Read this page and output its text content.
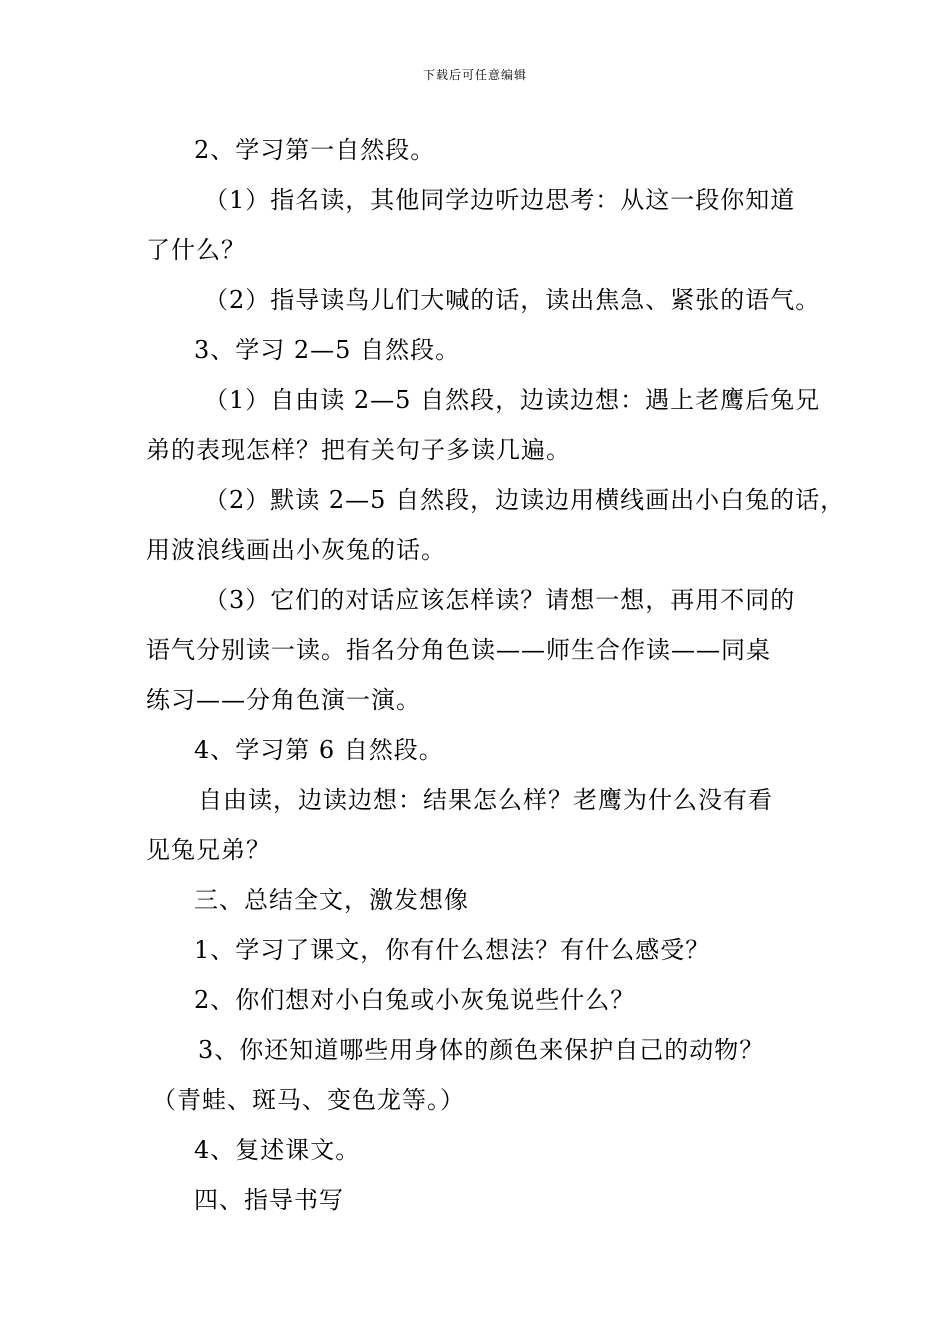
下载后可任意编辑
2、学习第一自然段。
（1）指名读，其他同学边听边思考：从这一段你知道
了什么？
（2）指导读鸟儿们大喊的话，读出焦急、紧张的语气。
3、学习 2—5 自然段。
（1）自由读 2—5 自然段，边读边想：遇上老鹰后兔兄
弟的表现怎样？把有关句子多读几遍。
（2）默读 2—5 自然段，边读边用横线画出小白兔的话，
用波浪线画出小灰兔的话。
（3）它们的对话应该怎样读？请想一想，再用不同的
语气分别读一读。指名分角色读——师生合作读——同桌
练习——分角色演一演。
4、学习第 6 自然段。
自由读，边读边想：结果怎么样？老鹰为什么没有看
见兔兄弟？
三、总结全文，激发想像
1、学习了课文，你有什么想法？有什么感受？
2、你们想对小白兔或小灰兔说些什么？
3、你还知道哪些用身体的颜色来保护自己的动物？
（青蛙、斑马、变色龙等。）
4、复述课文。
四、指导书写
